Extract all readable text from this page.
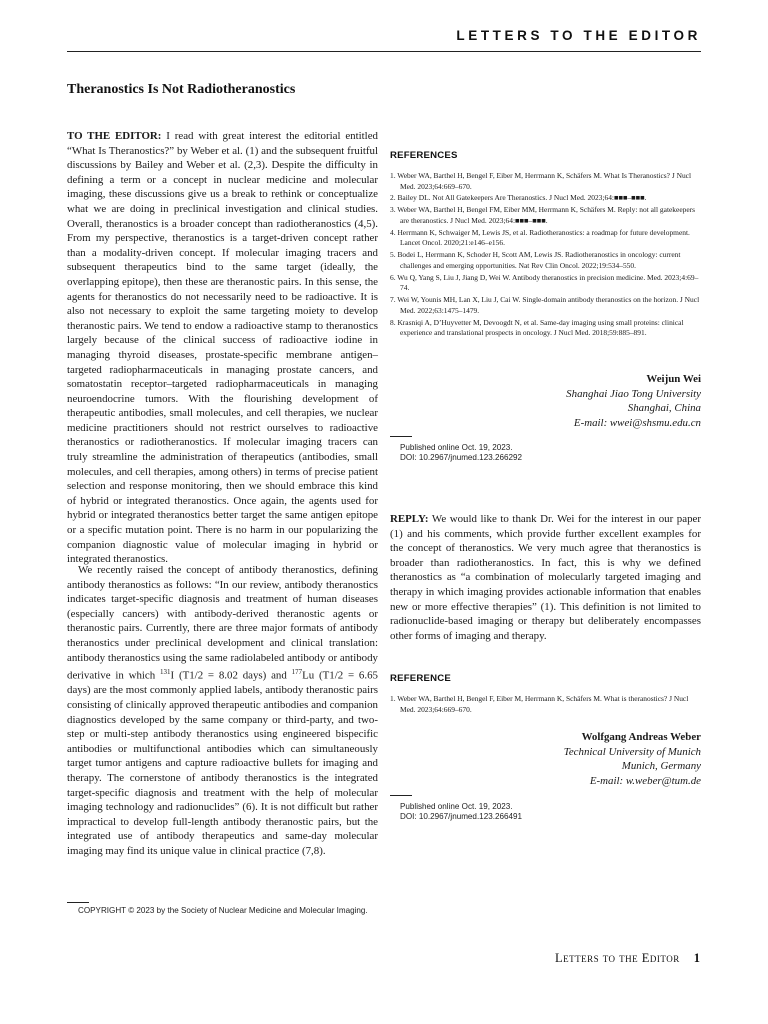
LETTERS TO THE EDITOR
Theranostics Is Not Radiotheranostics

TO THE EDITOR: I read with great interest the editorial entitled “What Is Theranostics?” by Weber et al. (1) and the subsequent fruitful discussions by Bailey and Weber et al. (2,3). Despite the difficulty in defining a term or a concept in nuclear medicine and molecular imaging, these discussions give us a break to rethink or conceptualize what we are doing in preclinical investigation and clinical studies. Overall, theranostics is a broader concept than radiotheranostics (4,5). From my perspective, theranostics is a target-driven concept rather than a modality-driven concept. If molecular imaging tracers and subsequent therapeutics bind to the same target (ideally, the overlapping epitope), then these are theranostic pairs. In this sense, the agents for theranostics do not necessarily need to be radioactive. It is also not necessary to exploit the same targeting moiety to develop theranostic pairs. We tend to endow a radioactive stamp to theranostics largely because of the clinical success of radioactive iodine in managing thyroid diseases, prostate-specific membrane antigen–targeted radiopharmaceuticals in managing prostate cancers, and somatostatin receptor–targeted radiopharmaceuticals in managing neuroendocrine tumors. With the flourishing development of therapeutic antibodies, small molecules, and cell therapies, we nuclear medicine practitioners should not restrict ourselves to radioactive theranostics or radiotheranostics. If molecular imaging tracers can truly streamline the administration of therapeutics (antibodies, small molecules, and cell therapies, among others) in terms of precise patient selection and response monitoring, then we should embrace this kind of hybrid or integrated theranostics. Once again, the agents used for hybrid or integrated theranostics better target the same antigen epitope or a specific mutation point. There is no harm in our popularizing the companion diagnostic value of molecular imaging in hybrid or integrated theranostics.

We recently raised the concept of antibody theranostics, defining antibody theranostics as follows: “In our review, antibody theranostics indicates target-specific diagnosis and treatment of human diseases (especially cancers) with antibody-derived theranostic agents or theranostic pairs. Currently, there are three major formats of antibody theranostics under preclinical development and clinical translation: antibody theranostics using the same radiolabeled antibody or antibody derivative in which $^{131}$I (T1/2 = 8.02 days) and $^{177}$Lu (T1/2 = 6.65 days) are the most commonly applied labels, antibody theranostic pairs consisting of clinically approved therapeutic antibodies and companion diagnostics developed by the same company or third-party, and two-step or multi-step antibody theranostics using engineered bispecific antibodies or multifunctional antibodies which can simultaneously target tumor antigens and capture radioactive bullets for imaging and therapy. The cornerstone of antibody theranostics is the integrated target-specific diagnosis and treatment with the help of molecular imaging technology and radionuclides” (6). It is not difficult but rather impractical to develop full-length antibody theranostic pairs, but the integrated use of antibody therapeutics and same-day molecular imaging may find its unique value in clinical practice (7,8).

REFERENCES
1. Weber WA, Barthel H, Bengel F, Eiber M, Herrmann K, Schäfers M. What Is Theranostics? J Nucl Med. 2023;64:669–670.
2. Bailey DL. Not All Gatekeepers Are Theranostics. J Nucl Med. 2023;64:■■■–■■■.
3. Weber WA, Barthel H, Bengel FM, Eiber MM, Herrmann K, Schäfers M. Reply: not all gatekeepers are theranostics. J Nucl Med. 2023;64:■■■–■■■.
4. Herrmann K, Schwaiger M, Lewis JS, et al. Radiotheranostics: a roadmap for future development. Lancet Oncol. 2020;21:e146–e156.
5. Bodei L, Herrmann K, Schoder H, Scott AM, Lewis JS. Radiotheranostics in oncology: current challenges and emerging opportunities. Nat Rev Clin Oncol. 2022;19:534–550.
6. Wu Q, Yang S, Liu J, Jiang D, Wei W. Antibody theranostics in precision medicine. Med. 2023;4:69–74.
7. Wei W, Younis MH, Lan X, Liu J, Cai W. Single-domain antibody theranostics on the horizon. J Nucl Med. 2022;63:1475–1479.
8. Krasniqi A, D’Huyvetter M, Devoogdt N, et al. Same-day imaging using small proteins: clinical experience and translational prospects in oncology. J Nucl Med. 2018;59:885–891.
Weijun Wei
Shanghai Jiao Tong University
Shanghai, China
E-mail: wwei@shsmu.edu.cn
Published online Oct. 19, 2023.
DOI: 10.2967/jnumed.123.266292

REPLY: We would like to thank Dr. Wei for the interest in our paper (1) and his comments, which provide further excellent examples for the concept of theranostics. We very much agree that theranostics is broader than radiotheranostics. In fact, this is why we defined theranostics as “a combination of molecularly targeted imaging and therapy in which imaging provides actionable information that enables new or more effective therapies” (1). This definition is not limited to radionuclide-based imaging or therapy but deliberately encompasses other forms of imaging and therapy.

REFERENCE
1. Weber WA, Barthel H, Bengel F, Eiber M, Herrmann K, Schäfers M. What is theranostics? J Nucl Med. 2023;64:669–670.
Wolfgang Andreas Weber
Technical University of Munich
Munich, Germany
E-mail: w.weber@tum.de
Published online Oct. 19, 2023.
DOI: 10.2967/jnumed.123.266491
COPYRIGHT © 2023 by the Society of Nuclear Medicine and Molecular Imaging.
Letters to the Editor 1
